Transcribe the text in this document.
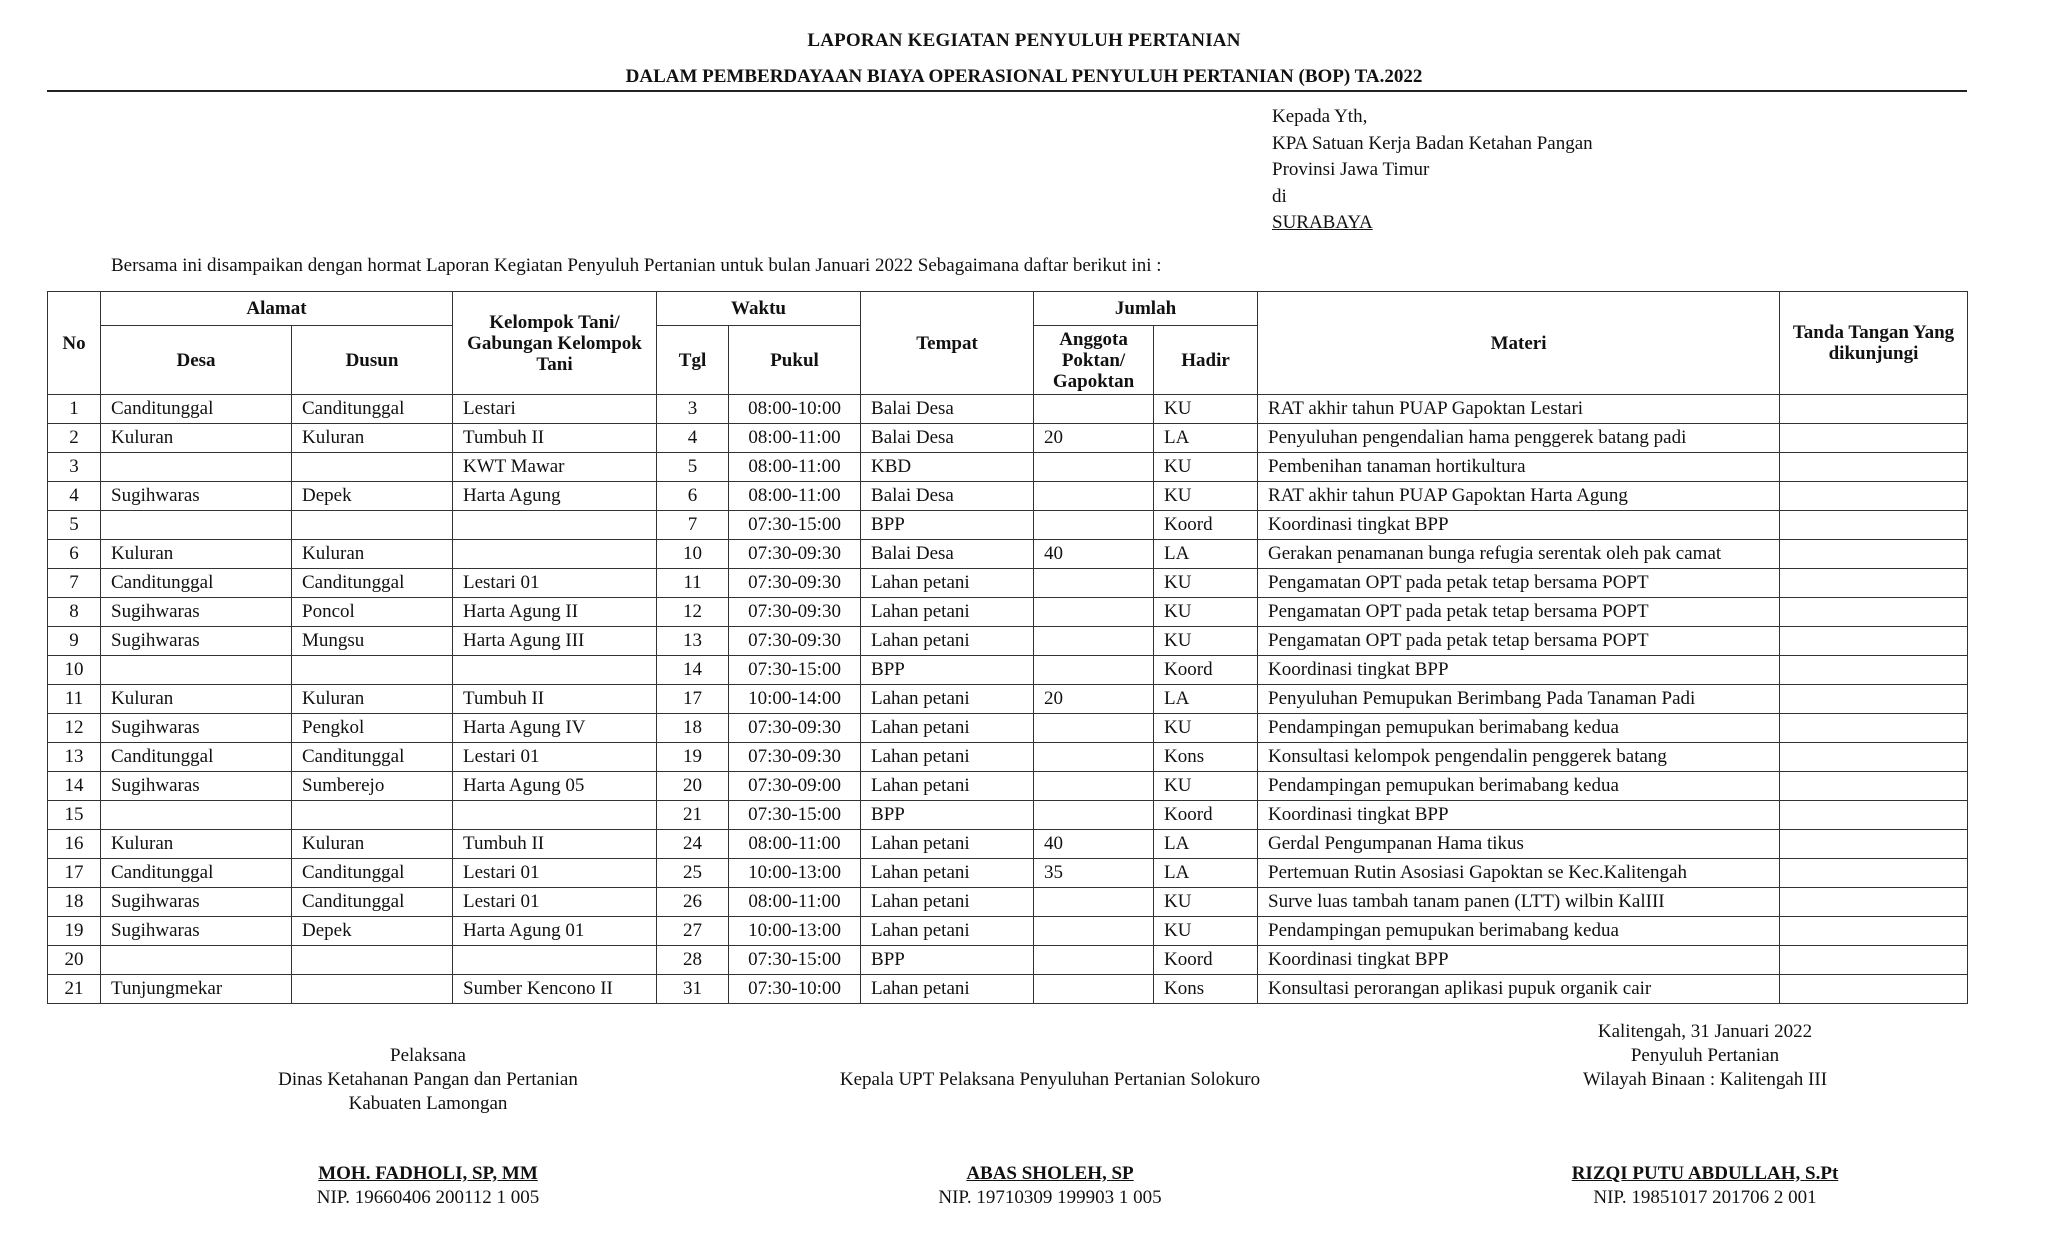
LAPORAN KEGIATAN PENYULUH PERTANIAN
DALAM PEMBERDAYAAN BIAYA OPERASIONAL PENYULUH PERTANIAN (BOP) TA.2022
Kepada Yth,
KPA Satuan Kerja Badan Ketahan Pangan
Provinsi Jawa Timur
di
SURABAYA
Bersama ini disampaikan dengan hormat Laporan Kegiatan Penyuluh Pertanian untuk bulan Januari 2022 Sebagaimana daftar berikut ini :
No	Alamat		Kelompok Tani/ Gabungan Kelompok Tani	Waktu		Tempat	Jumlah		Materi	Tanda Tangan Yang dikunjungi
	Desa	Dusun		Tgl	Pukul		Anggota Poktan/ Gapoktan	Hadir		
1	Canditunggal	Canditunggal	Lestari	3	08:00-10:00	Balai Desa		KU	RAT akhir tahun PUAP Gapoktan Lestari	
2	Kuluran	Kuluran	Tumbuh II	4	08:00-11:00	Balai Desa	20	LA	Penyuluhan pengendalian hama penggerek batang padi	
3			KWT Mawar	5	08:00-11:00	KBD		KU	Pembenihan tanaman hortikultura	
4	Sugihwaras	Depek	Harta Agung	6	08:00-11:00	Balai Desa		KU	RAT akhir tahun PUAP Gapoktan Harta Agung	
5				7	07:30-15:00	BPP		Koord	Koordinasi tingkat BPP	
6	Kuluran	Kuluran		10	07:30-09:30	Balai Desa	40	LA	Gerakan penamanan bunga refugia serentak oleh pak camat	
7	Canditunggal	Canditunggal	Lestari 01	11	07:30-09:30	Lahan petani		KU	Pengamatan OPT pada petak tetap bersama POPT	
8	Sugihwaras	Poncol	Harta Agung II	12	07:30-09:30	Lahan petani		KU	Pengamatan OPT pada petak tetap bersama POPT	
9	Sugihwaras	Mungsu	Harta Agung III	13	07:30-09:30	Lahan petani		KU	Pengamatan OPT pada petak tetap bersama POPT	
10				14	07:30-15:00	BPP		Koord	Koordinasi tingkat BPP	
11	Kuluran	Kuluran	Tumbuh II	17	10:00-14:00	Lahan petani	20	LA	Penyuluhan Pemupukan Berimbang Pada Tanaman Padi	
12	Sugihwaras	Pengkol	Harta Agung IV	18	07:30-09:30	Lahan petani		KU	Pendampingan pemupukan berimabang kedua	
13	Canditunggal	Canditunggal	Lestari 01	19	07:30-09:30	Lahan petani		Kons	Konsultasi kelompok pengendalin penggerek batang	
14	Sugihwaras	Sumberejo	Harta Agung 05	20	07:30-09:00	Lahan petani		KU	Pendampingan pemupukan berimabang kedua	
15				21	07:30-15:00	BPP		Koord	Koordinasi tingkat BPP	
16	Kuluran	Kuluran	Tumbuh II	24	08:00-11:00	Lahan petani	40	LA	Gerdal Pengumpanan Hama tikus	
17	Canditunggal	Canditunggal	Lestari 01	25	10:00-13:00	Lahan petani	35	LA	Pertemuan Rutin Asosiasi Gapoktan se Kec.Kalitengah	
18	Sugihwaras	Canditunggal	Lestari 01	26	08:00-11:00	Lahan petani		KU	Surve luas tambah tanam panen (LTT) wilbin KalIII	
19	Sugihwaras	Depek	Harta Agung 01	27	10:00-13:00	Lahan petani		KU	Pendampingan pemupukan berimabang kedua	
20				28	07:30-15:00	BPP		Koord	Koordinasi tingkat BPP	
21	Tunjungmekar		Sumber Kencono II	31	07:30-10:00	Lahan petani		Kons	Konsultasi perorangan aplikasi pupuk organik cair	
Pelaksana
Dinas Ketahanan Pangan dan Pertanian
Kabuaten Lamongan
MOH. FADHOLI, SP, MM
NIP. 19660406 200112 1 005
Kepala UPT Pelaksana Penyuluhan Pertanian Solokuro
ABAS SHOLEH, SP
NIP. 19710309 199903 1 005
Kalitengah, 31 Januari 2022
Penyuluh Pertanian
Wilayah Binaan : Kalitengah III
RIZQI PUTU ABDULLAH, S.Pt
NIP. 19851017 201706 2 001
